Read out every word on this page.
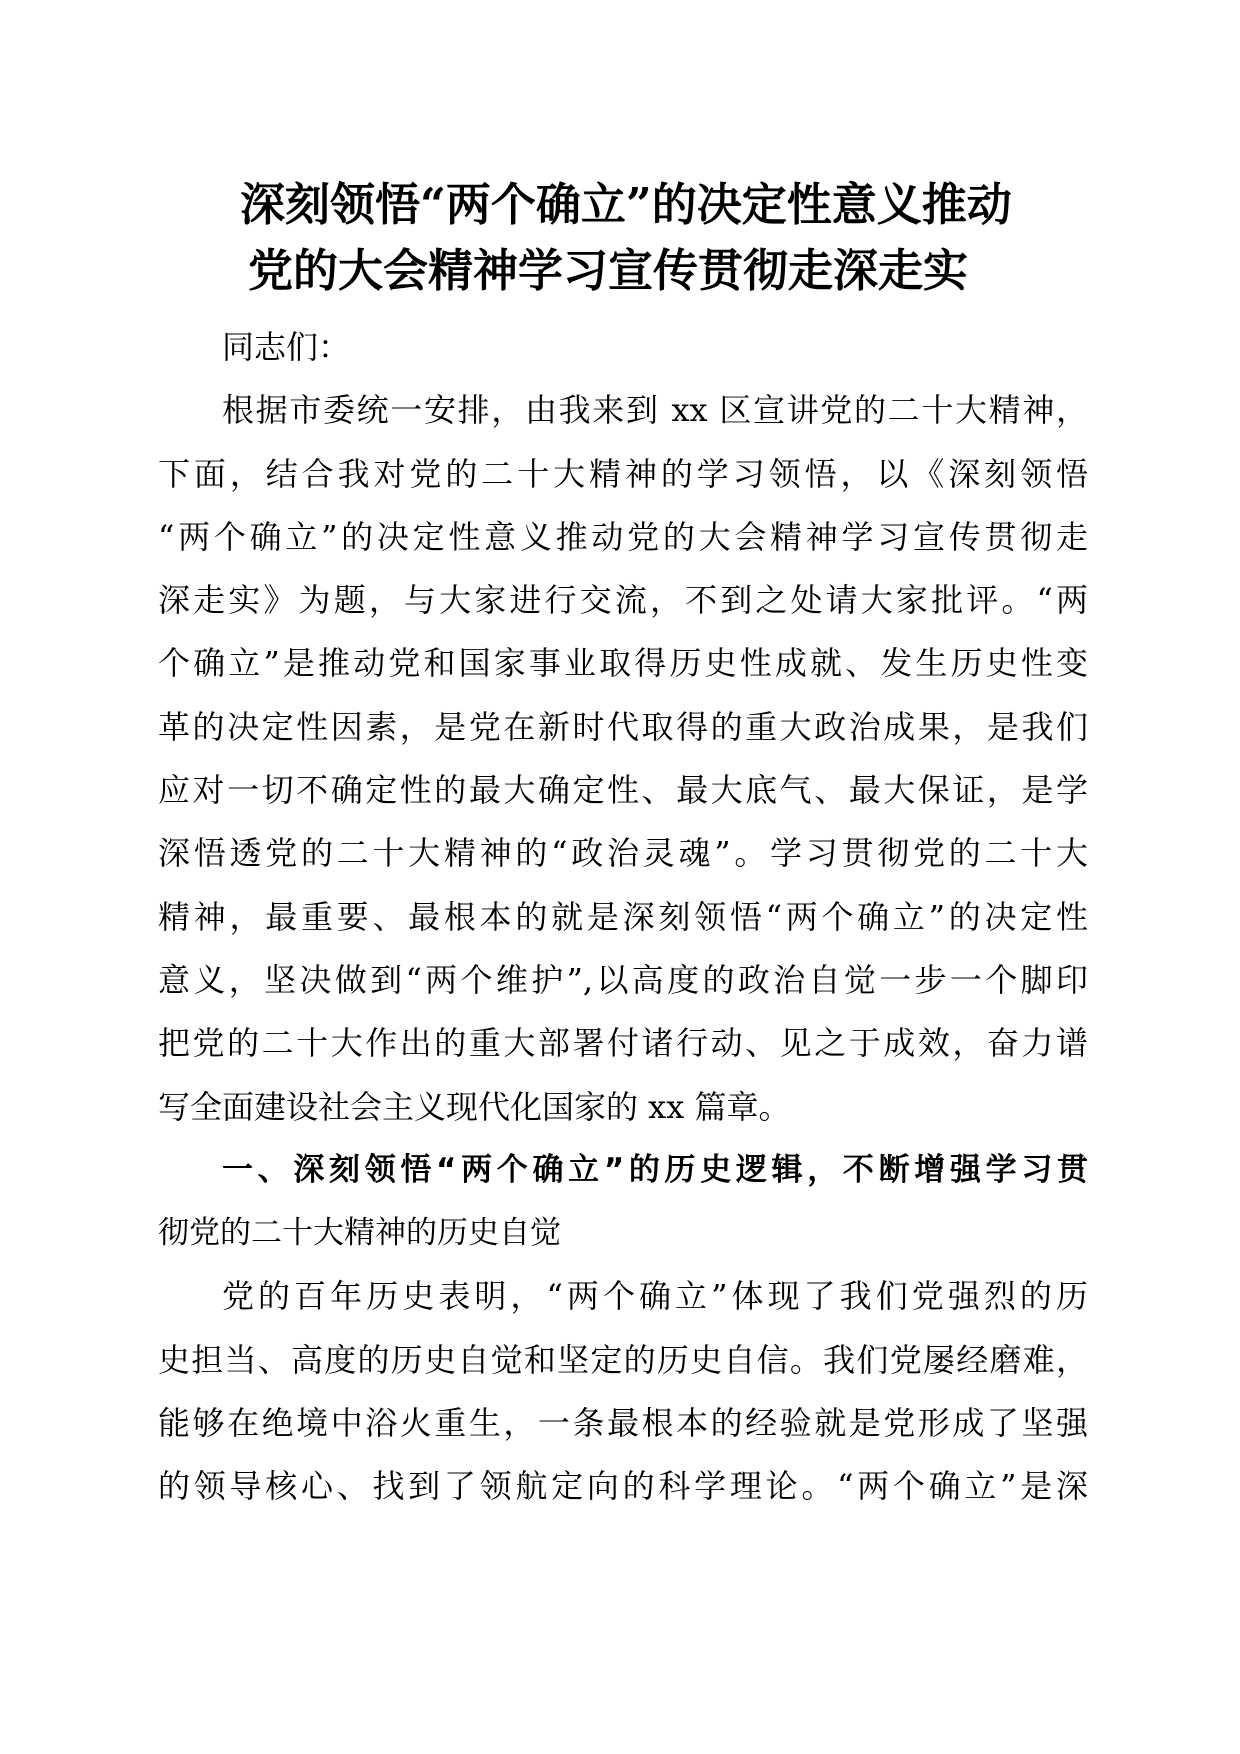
深刻领悟“两个确立”的决定性意义推动
党的大会精神学习宣传贯彻走深走实
同志们：
根据市委统一安排，由我来到 xx 区宣讲党的二十大精神，
下面，结合我对党的二十大精神的学习领悟，以《深刻领悟
“两个确立”的决定性意义推动党的大会精神学习宣传贯彻走
深走实》为题，与大家进行交流，不到之处请大家批评。“两
个确立”是推动党和国家事业取得历史性成就、发生历史性变
革的决定性因素，是党在新时代取得的重大政治成果，是我们
应对一切不确定性的最大确定性、最大底气、最大保证，是学
深悟透党的二十大精神的“政治灵魂”。学习贯彻党的二十大
精神，最重要、最根本的就是深刻领悟“两个确立”的决定性
意义，坚决做到“两个维护”,以高度的政治自觉一步一个脚印
把党的二十大作出的重大部署付诸行动、见之于成效，奋力谱
写全面建设社会主义现代化国家的 xx 篇章。
一、深刻领悟“两个确立”的历史逻辑，不断增强学习贯
彻党的二十大精神的历史自觉
党的百年历史表明，“两个确立”体现了我们党强烈的历
史担当、高度的历史自觉和坚定的历史自信。我们党屡经磨难，
能够在绝境中浴火重生，一条最根本的经验就是党形成了坚强
的领导核心、找到了领航定向的科学理论。“两个确立”是深
